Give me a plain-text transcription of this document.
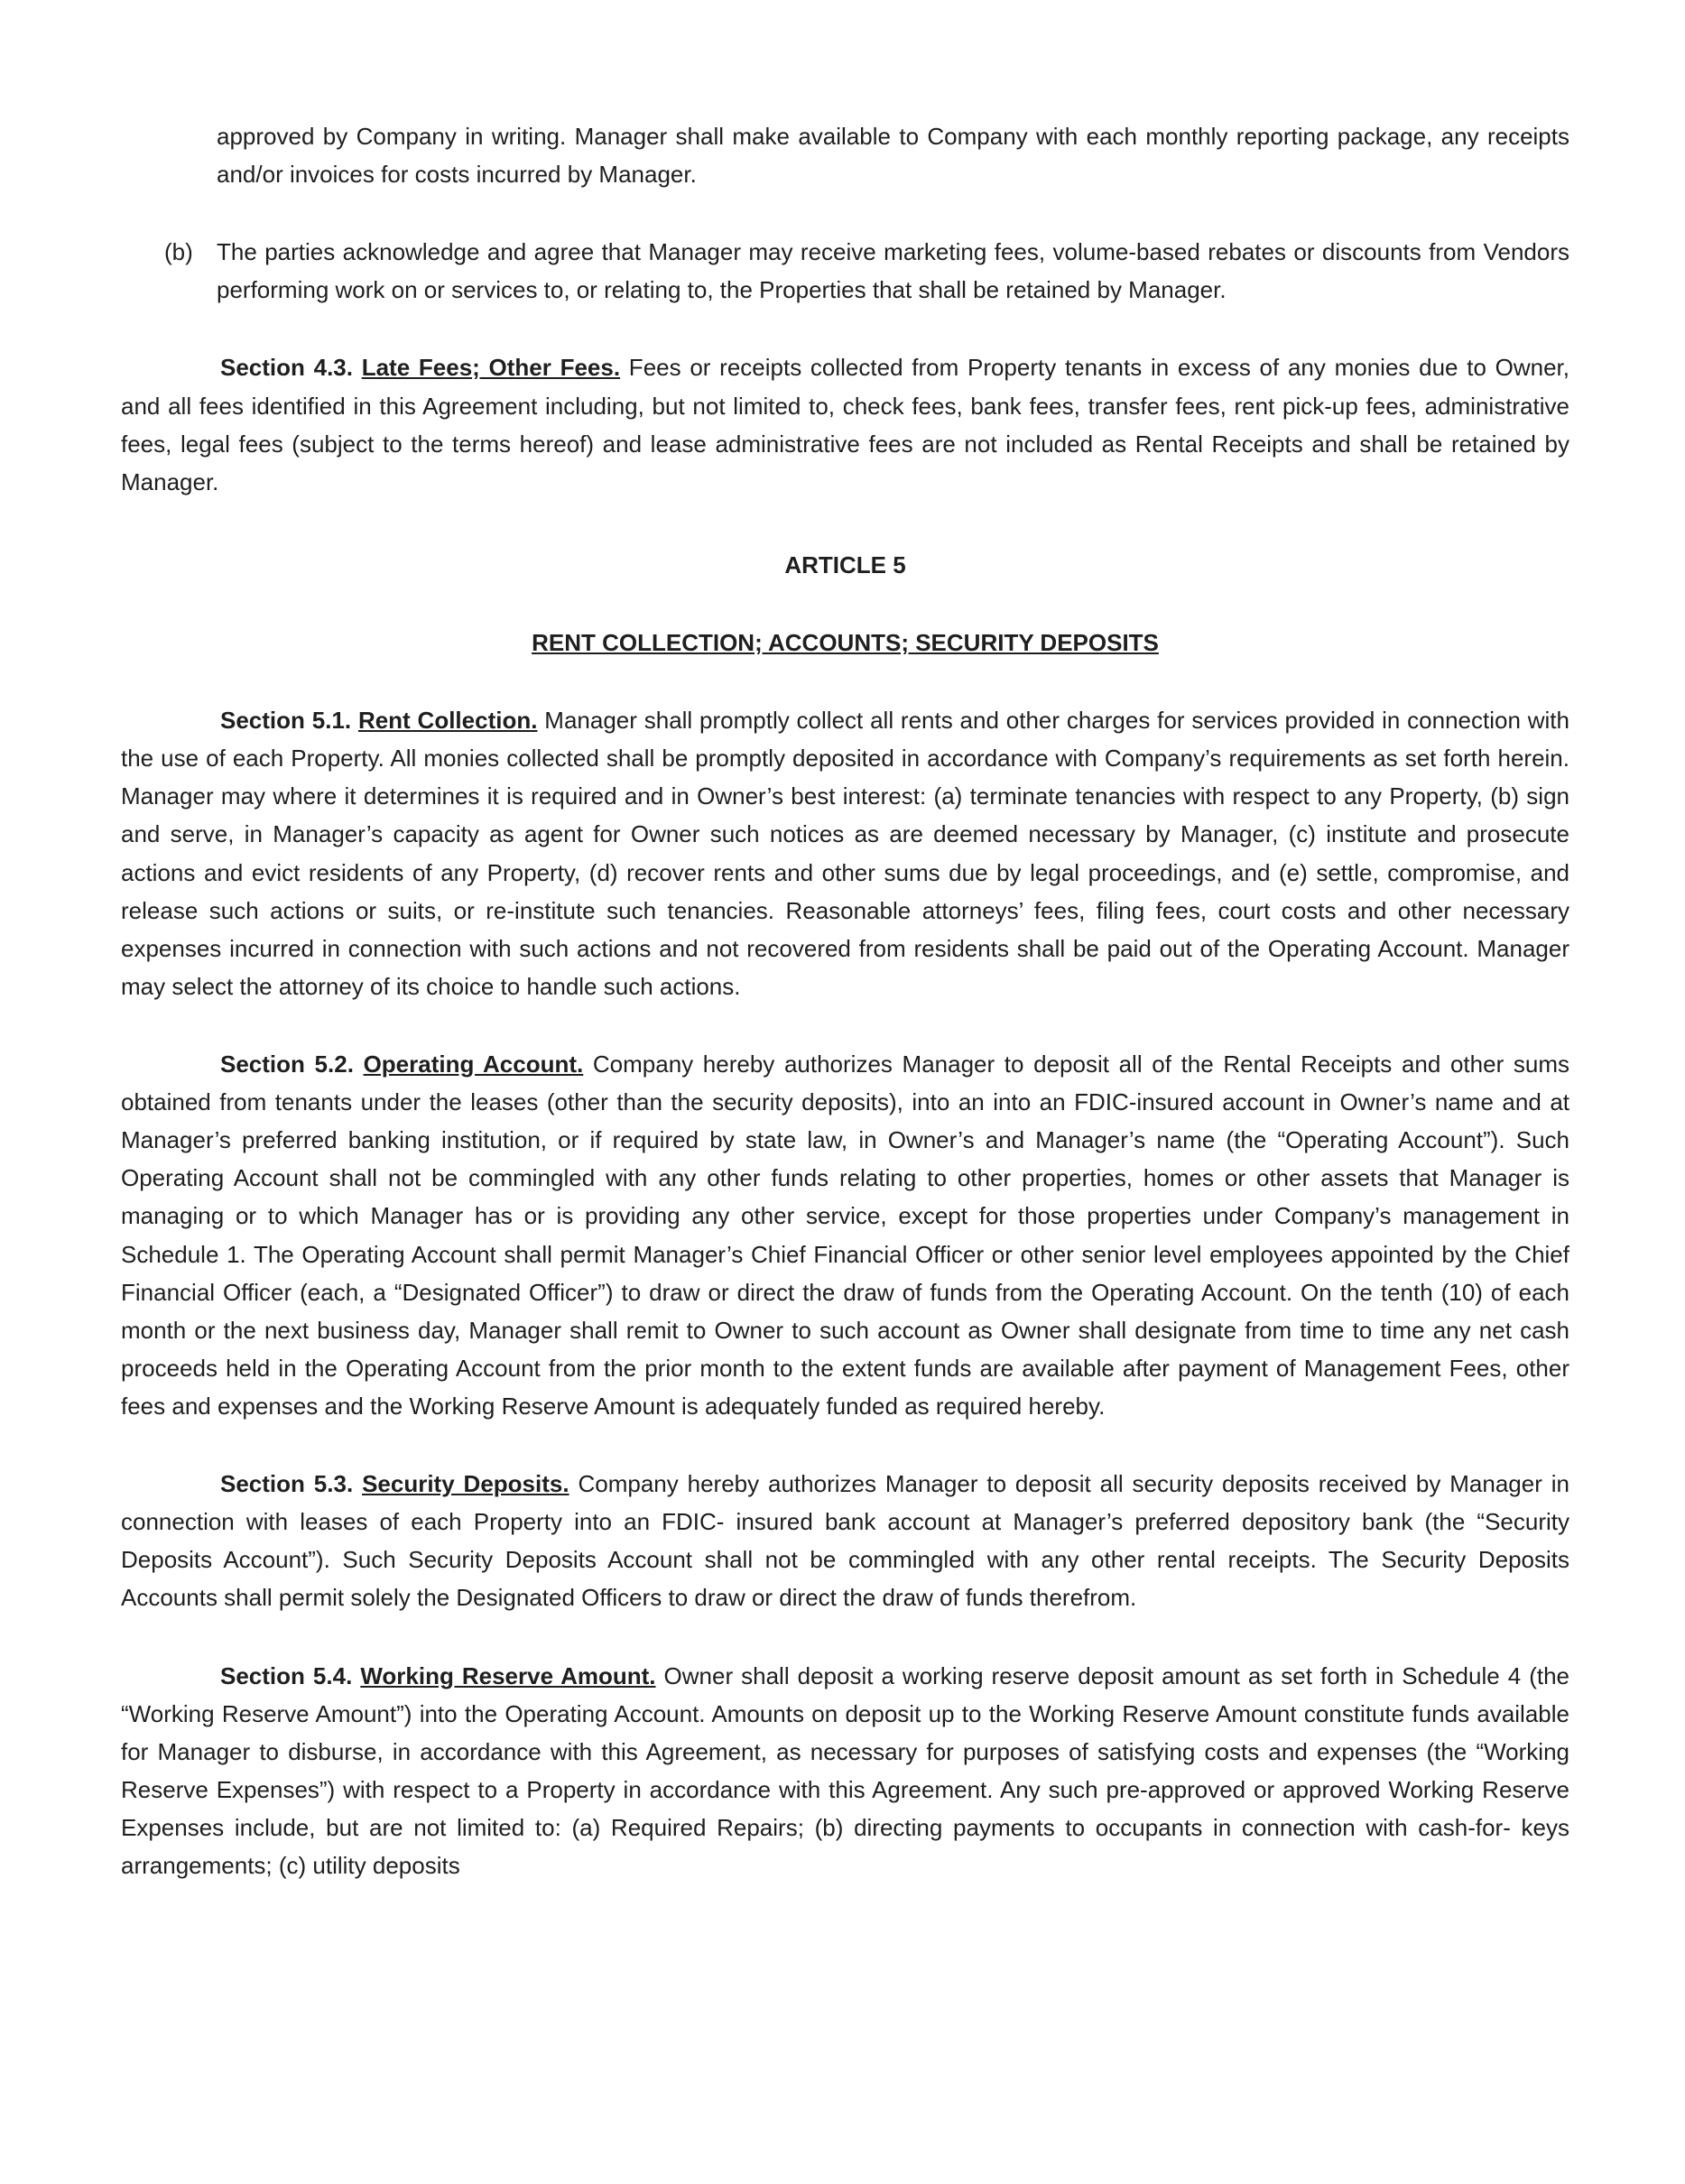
approved by Company in writing. Manager shall make available to Company with each monthly reporting package, any receipts and/or invoices for costs incurred by Manager.

(b) The parties acknowledge and agree that Manager may receive marketing fees, volume-based rebates or discounts from Vendors performing work on or services to, or relating to, the Properties that shall be retained by Manager.

Section 4.3. Late Fees; Other Fees. Fees or receipts collected from Property tenants in excess of any monies due to Owner, and all fees identified in this Agreement including, but not limited to, check fees, bank fees, transfer fees, rent pick-up fees, administrative fees, legal fees (subject to the terms hereof) and lease administrative fees are not included as Rental Receipts and shall be retained by Manager.

ARTICLE 5

RENT COLLECTION; ACCOUNTS; SECURITY DEPOSITS

Section 5.1. Rent Collection. Manager shall promptly collect all rents and other charges for services provided in connection with the use of each Property. All monies collected shall be promptly deposited in accordance with Company’s requirements as set forth herein. Manager may where it determines it is required and in Owner’s best interest: (a) terminate tenancies with respect to any Property, (b) sign and serve, in Manager’s capacity as agent for Owner such notices as are deemed necessary by Manager, (c) institute and prosecute actions and evict residents of any Property, (d) recover rents and other sums due by legal proceedings, and (e) settle, compromise, and release such actions or suits, or re-institute such tenancies. Reasonable attorneys’ fees, filing fees, court costs and other necessary expenses incurred in connection with such actions and not recovered from residents shall be paid out of the Operating Account. Manager may select the attorney of its choice to handle such actions.

Section 5.2. Operating Account. Company hereby authorizes Manager to deposit all of the Rental Receipts and other sums obtained from tenants under the leases (other than the security deposits), into an into an FDIC-insured account in Owner’s name and at Manager’s preferred banking institution, or if required by state law, in Owner’s and Manager’s name (the “Operating Account”). Such Operating Account shall not be commingled with any other funds relating to other properties, homes or other assets that Manager is managing or to which Manager has or is providing any other service, except for those properties under Company’s management in Schedule 1. The Operating Account shall permit Manager’s Chief Financial Officer or other senior level employees appointed by the Chief Financial Officer (each, a “Designated Officer”) to draw or direct the draw of funds from the Operating Account. On the tenth (10) of each month or the next business day, Manager shall remit to Owner to such account as Owner shall designate from time to time any net cash proceeds held in the Operating Account from the prior month to the extent funds are available after payment of Management Fees, other fees and expenses and the Working Reserve Amount is adequately funded as required hereby.

Section 5.3. Security Deposits. Company hereby authorizes Manager to deposit all security deposits received by Manager in connection with leases of each Property into an FDIC- insured bank account at Manager’s preferred depository bank (the “Security Deposits Account”). Such Security Deposits Account shall not be commingled with any other rental receipts. The Security Deposits Accounts shall permit solely the Designated Officers to draw or direct the draw of funds therefrom.

Section 5.4. Working Reserve Amount. Owner shall deposit a working reserve deposit amount as set forth in Schedule 4 (the “Working Reserve Amount”) into the Operating Account. Amounts on deposit up to the Working Reserve Amount constitute funds available for Manager to disburse, in accordance with this Agreement, as necessary for purposes of satisfying costs and expenses (the “Working Reserve Expenses”) with respect to a Property in accordance with this Agreement. Any such pre-approved or approved Working Reserve Expenses include, but are not limited to: (a) Required Repairs; (b) directing payments to occupants in connection with cash-for- keys arrangements; (c) utility deposits
